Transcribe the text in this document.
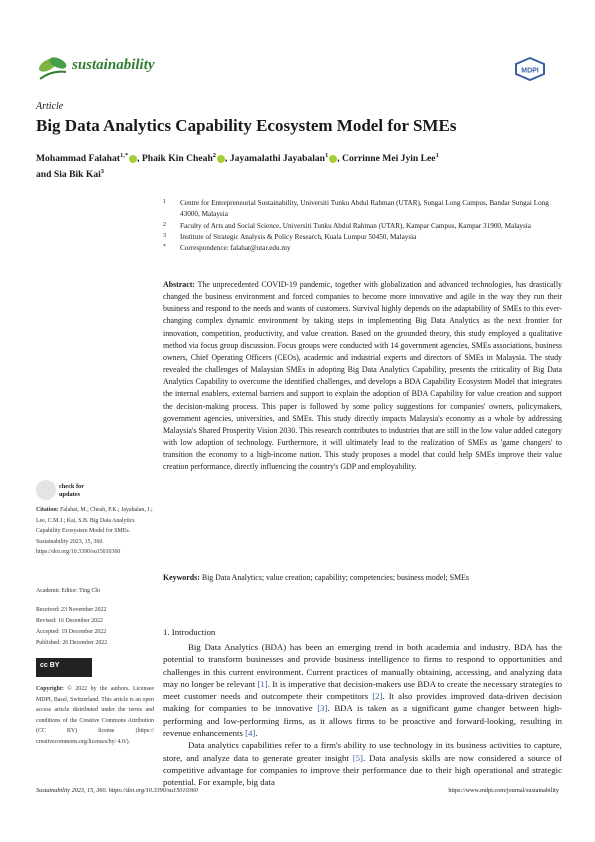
sustainability	MDPI
Article
Big Data Analytics Capability Ecosystem Model for SMEs
Mohammad Falahat$^{1,*}$ , Phaik Kin Cheah$^2$ , Jayamalathi Jayabalan$^1$ , Corrinne Mei Jyin Lee$^1$
and Sia Bik Kai$^3$
1 Centre for Entrepreneurial Sustainability, Universiti Tunku Abdul Rahman (UTAR), Sungai Long Campus, Bandar Sungai Long 43000, Malaysia
2 Faculty of Arts and Social Science, Universiti Tunku Abdul Rahman (UTAR), Kampar Campus, Kampar 31900, Malaysia
3 Institute of Strategic Analysis & Policy Research, Kuala Lumpur 50450, Malaysia
* Correspondence: falahat@utar.edu.my
Abstract: The unprecedented COVID-19 pandemic, together with globalization and advanced technologies, has drastically changed the business environment and forced companies to become more innovative and agile in the way they run their business and respond to the needs and wants of customers. Survival highly depends on the adaptability of SMEs to this ever-changing complex dynamic environment by taking steps in implementing Big Data Analytics as the next frontier for innovation, competition, productivity, and value creation. Based on the grounded theory, this study employed a qualitative method via focus group discussion. Focus groups were conducted with 14 government agencies, SMEs associations, business owners, Chief Operating Officers (CEOs), academic and industrial experts and directors of SMEs in Malaysia. The study revealed the challenges of Malaysian SMEs in adopting Big Data Analytics Capability, presents the criticality of Big Data Analytics Capability to overcome the identified challenges, and develops a BDA Capability Ecosystem Model that integrates the internal enablers, external barriers and support to explain the adoption of BDA Capability for value creation and support the decision-making process. This paper is followed by some policy suggestions for companies' owners, policymakers, government agencies, universities, and SMEs. This study directly impacts Malaysia's economy as a whole by addressing Malaysia's Shared Prosperity Vision 2030. This research contributes to industries that are still in the low value added category with low adoption of technology. Furthermore, it will ultimately lead to the realization of SMEs as 'game changers' to transition the economy to a high-income nation. This study proposes a model that could help SMEs improve their value creation performance, directly influencing the country's GDP and employability.
Keywords: Big Data Analytics; value creation; capability; competencies; business model; SMEs
1. Introduction

Big Data Analytics (BDA) has been an emerging trend in both academia and industry. BDA has the potential to transform businesses and provide business intelligence to firms to respond to opportunities and challenges in this current environment. Current practices of manually obtaining, accessing, and analyzing data may no longer be relevant [1]. It is imperative that decision-makers use BDA to create the necessary strategies to meet customer needs and outcompete their competitors [2]. It also provides improved data-driven decision making for companies to be innovative [3]. BDA is taken as a significant game changer between high-performing and low-performing firms, as it allows firms to be proactive and forward-looking, resulting in revenue enhancements [4].

Data analytics capabilities refer to a firm's ability to use technology in its business activities to capture, store, and analyze data to generate greater insight [5]. Data analysis skills are now considered a source of competitive advantage for companies to improve their performance due to their high operational and strategic potential. For example, big data

check for
updates
Citation: Falahat, M.; Cheah, P.K.; Jayabalan, J.; Lee, C.M.J.; Kai, S.B. Big Data Analytics Capability Ecosystem Model for SMEs. Sustainability 2023, 15, 360. https://doi.org/10.3390/su15010360
Academic Editor: Ting Chi
Received: 23 November 2022
Revised: 16 December 2022
Accepted: 19 December 2022
Published: 26 December 2022
cc BY
Copyright: © 2022 by the authors. Licensee MDPI, Basel, Switzerland. This article is an open access article distributed under the terms and conditions of the Creative Commons Attribution (CC BY) license (https:// creativecommons.org/licenses/by/ 4.0/).
Sustainability 2023, 15, 360. https://doi.org/10.3390/su15010360	https://www.mdpi.com/journal/sustainability
